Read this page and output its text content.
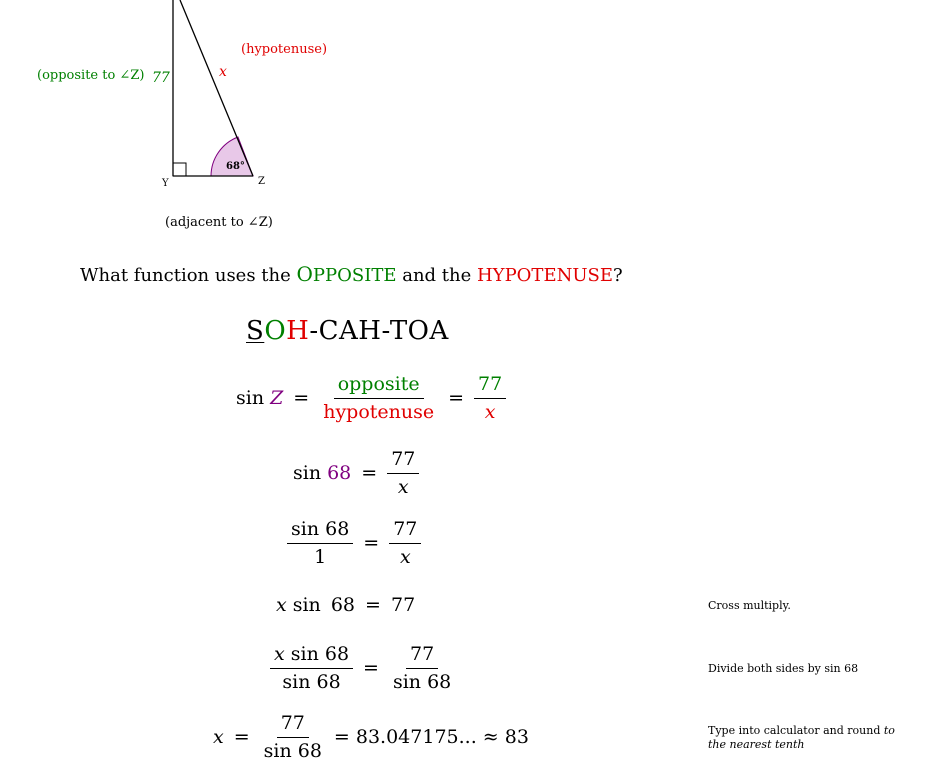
(opposite to ∠Z) 77
(hypotenuse)
x
(adjacent to ∠Z)
Y	Z
68°
What function uses the OPPOSITE and the HYPOTENUSE?
SOH-CAH-TOA
$\sin Z = \frac{\text{opposite}}{\text{hypotenuse}} = \frac{77}{x}$
$\sin 68 = \frac{77}{x}$
$\frac{\sin 68}{1} = \frac{77}{x}$
x sin 68 = 77
$\frac{\text{x sin 68}}{\sin 68} = \frac{77}{\sin 68}$
$x = \frac{77}{\sin 68} = 83.047175$... ≈ 83
Cross multiply.
Divide both sides by sin 68
Type into calculator and round to the nearest tenth
